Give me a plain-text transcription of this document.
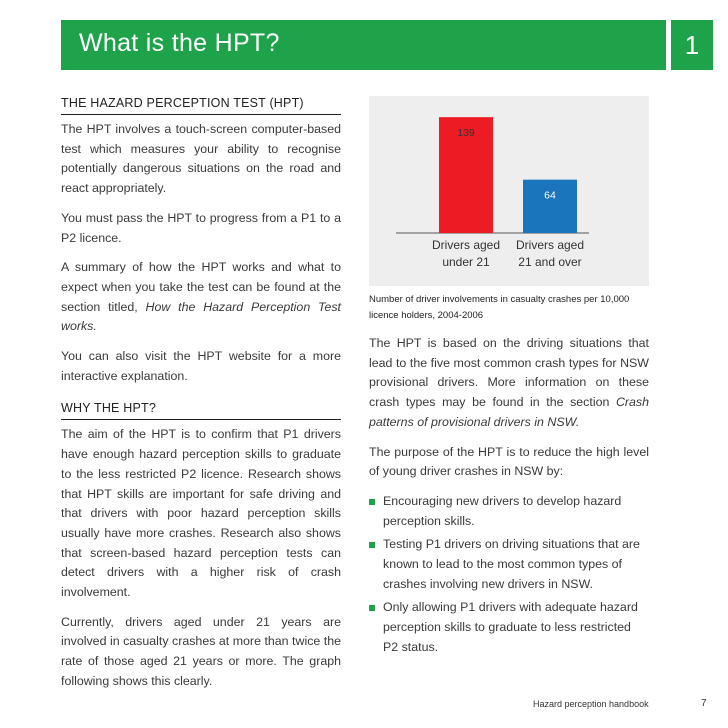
What is the HPT?	1
THE HAZARD PERCEPTION TEST (HPT)

The HPT involves a touch-screen computer-based test which measures your ability to recognise potentially dangerous situations on the road and react appropriately.

You must pass the HPT to progress from a P1 to a P2 licence.

A summary of how the HPT works and what to expect when you take the test can be found at the section titled, How the Hazard Perception Test works.

You can also visit the HPT website for a more interactive explanation.

WHY THE HPT?

The aim of the HPT is to confirm that P1 drivers have enough hazard perception skills to graduate to the less restricted P2 licence. Research shows that HPT skills are important for safe driving and that drivers with poor hazard perception skills usually have more crashes. Research also shows that screen-based hazard perception tests can detect drivers with a higher risk of crash involvement.

Currently, drivers aged under 21 years are involved in casualty crashes at more than twice the rate of those aged 21 years or more. The graph following shows this clearly.

139
Drivers aged
under 21
64
Drivers aged
21 and over
Number of driver involvements in casualty crashes per 10,000 licence holders, 2004-2006

The HPT is based on the driving situations that lead to the five most common crash types for NSW provisional drivers. More information on these crash types may be found in the section Crash patterns of provisional drivers in NSW.

The purpose of the HPT is to reduce the high level of young driver crashes in NSW by:

Encouraging new drivers to develop hazard perception skills.
Testing P1 drivers on driving situations that are known to lead to the most common types of crashes involving new drivers in NSW.
Only allowing P1 drivers with adequate hazard perception skills to graduate to less restricted P2 status.
Hazard perception handbook	7
